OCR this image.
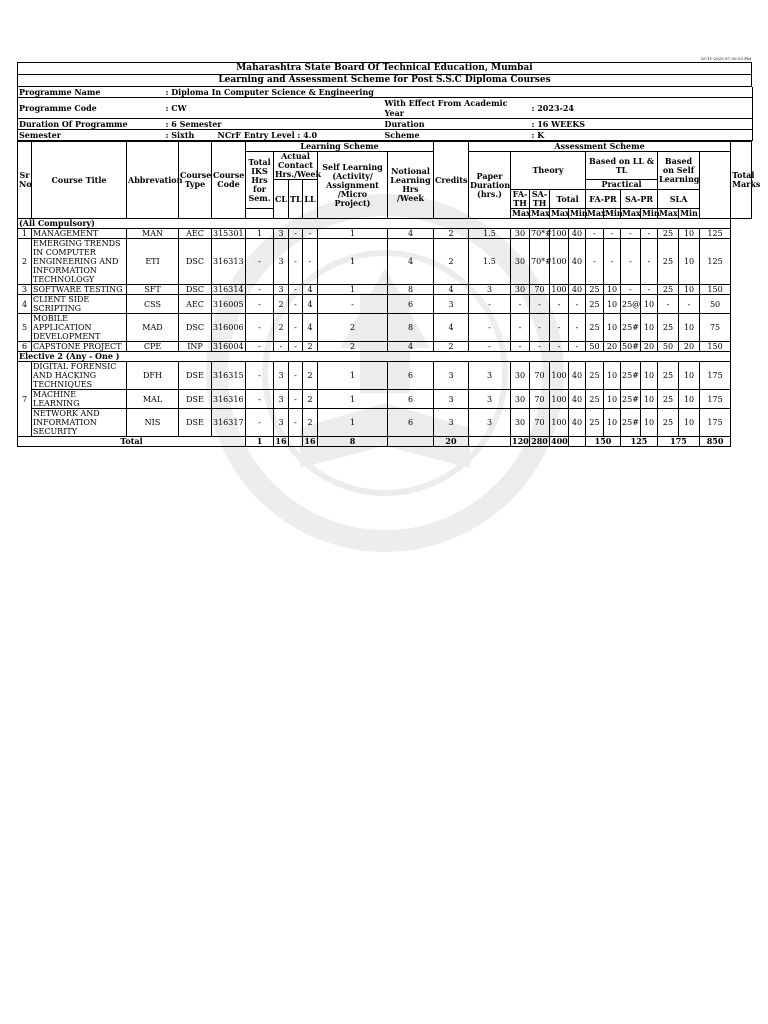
25-11-2025 07:30:29 PM
Maharashtra State Board Of Technical Education, Mumbai
Learning and Assessment Scheme for Post S.S.C Diploma Courses
Programme Name	: Diploma In Computer Science & Engineering			
Programme Code	: CW		With Effect From Academic Year	: 2023-24
Duration Of Programme	: 6 Semester		Duration	: 16 WEEKS
Semester	: Sixth	NCrF Entry Level : 4.0	Scheme	: K
Sr No	Course Title	Abbrevation	Course Type	Course Code	Learning Scheme						Credits	Assessment Scheme												Total Marks
					Total IKS Hrs for Sem.	Actual Contact Hrs./Week			Self Learning (Activity/ Assignment /Micro Project)	Notional Learning Hrs /Week		Paper Duration (hrs.)	Theory				Based on LL & TL				Based on Self Learning			
						CL	TL	LL									Practical							
													FA-TH	SA-TH	Total		FA-PR		SA-PR		SLA			
													Max	Max	Max	Min	Max	Min	Max	Min	Max	Min		
(All Compulsory)																								
1	MANAGEMENT	MAN	AEC	315301	1	3	-	-	1	4	2	1.5	30	70*#	100	40	-	-	-	-	25	10	125	
2	EMERGING TRENDS IN COMPUTER ENGINEERING AND INFORMATION TECHNOLOGY	ETI	DSC	316313	-	3	-	-	1	4	2	1.5	30	70*#	100	40	-	-	-	-	25	10	125	
3	SOFTWARE TESTING	SFT	DSC	316314	-	3	-	4	1	8	4	3	30	70	100	40	25	10	-	-	25	10	150	
4	CLIENT SIDE SCRIPTING	CSS	AEC	316005	-	2	-	4	-	6	3	-	-	-	-	-	25	10	25@	10	-	-	50	
5	MOBILE APPLICATION DEVELOPMENT	MAD	DSC	316006	-	2	-	4	2	8	4	-	-	-	-	-	25	10	25#	10	25	10	75	
6	CAPSTONE PROJECT	CPE	INP	316004	-	-	-	2	2	4	2	-	-	-	-	-	50	20	50#	20	50	20	150	
Elective 2 (Any - One )																								
7	DIGITAL FORENSIC AND HACKING TECHNIQUES	DFH	DSE	316315	-	3	-	2	1	6	3	3	30	70	100	40	25	10	25#	10	25	10	175	
	MACHINE LEARNING	MAL	DSE	316316	-	3	-	2	1	6	3	3	30	70	100	40	25	10	25#	10	25	10	175	
	NETWORK AND INFORMATION SECURITY	NIS	DSE	316317	-	3	-	2	1	6	3	3	30	70	100	40	25	10	25#	10	25	10	175	
Total					1	16		16	8		20		120	280	400		150		125		175		850	
